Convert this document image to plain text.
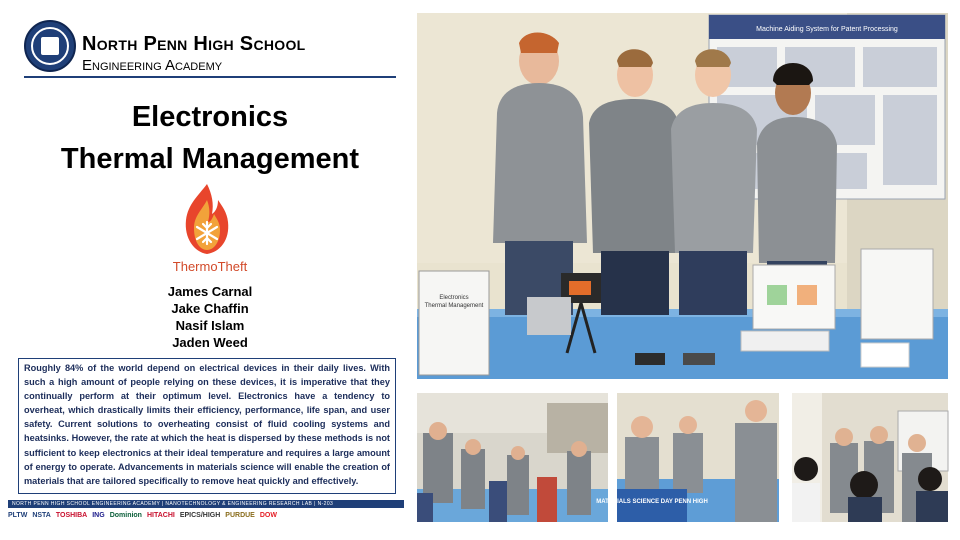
North Penn High School
Engineering Academy
Electronics
Thermal Management
ThermoTheft
James Carnal
Jake Chaffin
Nasif Islam
Jaden Weed
Roughly 84% of the world depend on electrical devices in their daily lives. With such a high amount of people relying on these devices, it is imperative that they continually perform at their optimum level. Electronics have a tendency to overheat, which drastically limits their efficiency, performance, life span, and user safety. Current solutions to overheating consist of fluid cooling systems and heatsinks. However, the rate at which the heat is dispersed by these methods is not sufficient to keep electronics at their ideal temperature and requires a large amount of energy to operate. Advancements in materials science will enable the creation of materials that are tailored specifically to remove heat quickly and effectively.
NORTH PENN HIGH SCHOOL ENGINEERING ACADEMY | NANOTECHNOLOGY & ENGINEERING RESEARCH LAB | N-203
PLTW NSTA TOSHIBA ING Dominion HITACHI EPICS/HIGH PURDUE DOW
Machine Aiding System for Patent Processing
Electronics
Thermal Management
MATERIALS SCIENCE DAY PENN HIGH
